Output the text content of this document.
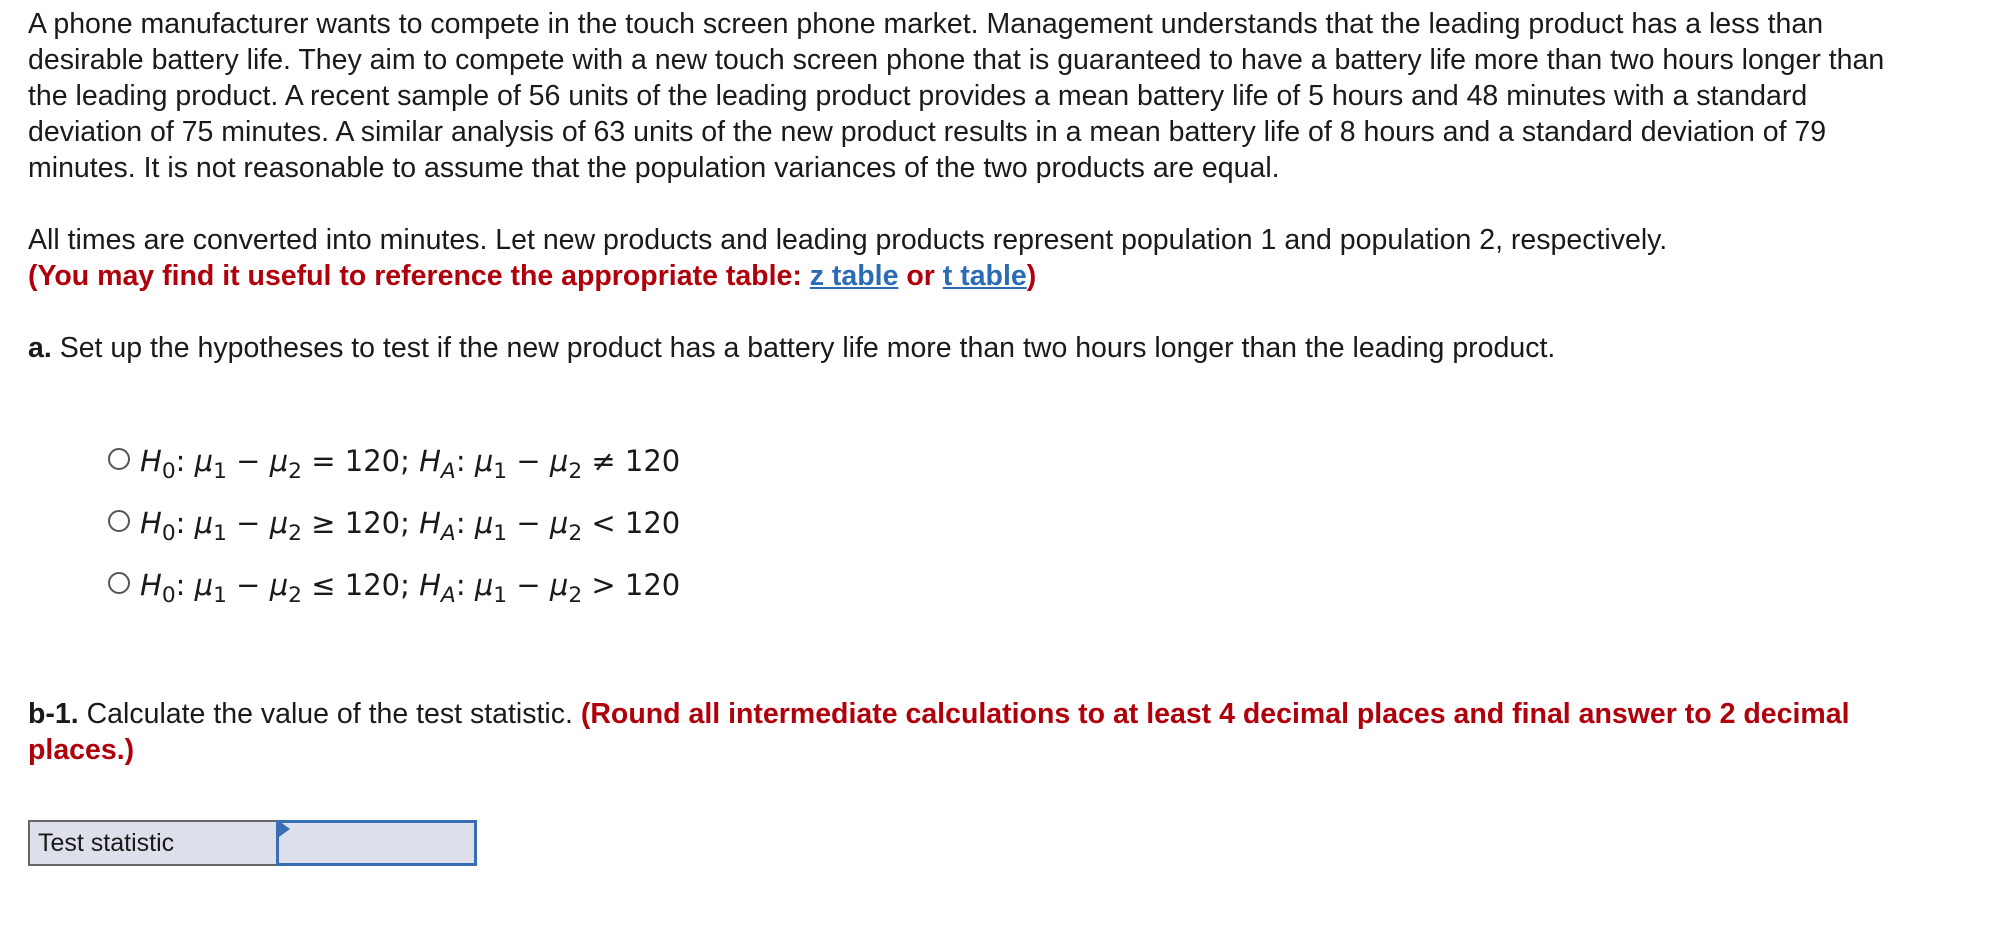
A phone manufacturer wants to compete in the touch screen phone market. Management understands that the leading product has a less than desirable battery life. They aim to compete with a new touch screen phone that is guaranteed to have a battery life more than two hours longer than the leading product. A recent sample of 56 units of the leading product provides a mean battery life of 5 hours and 48 minutes with a standard deviation of 75 minutes. A similar analysis of 63 units of the new product results in a mean battery life of 8 hours and a standard deviation of 79 minutes. It is not reasonable to assume that the population variances of the two products are equal.

All times are converted into minutes. Let new products and leading products represent population 1 and population 2, respectively.

(You may find it useful to reference the appropriate table: z table or t table)

a. Set up the hypotheses to test if the new product has a battery life more than two hours longer than the leading product.

$H_0$: $\mu_1 - \mu_2 = 120$; $H_A$: $\mu_1 - \mu_2 \ne 120$
$H_0$: $\mu_1 - \mu_2 \ge 120$; $H_A$: $\mu_1 - \mu_2 < 120$
$H_0$: $\mu_1 - \mu_2 \le 120$; $H_A$: $\mu_1 - \mu_2 > 120$

b-1. Calculate the value of the test statistic. (Round all intermediate calculations to at least 4 decimal places and final answer to 2 decimal places.)

Test statistic
